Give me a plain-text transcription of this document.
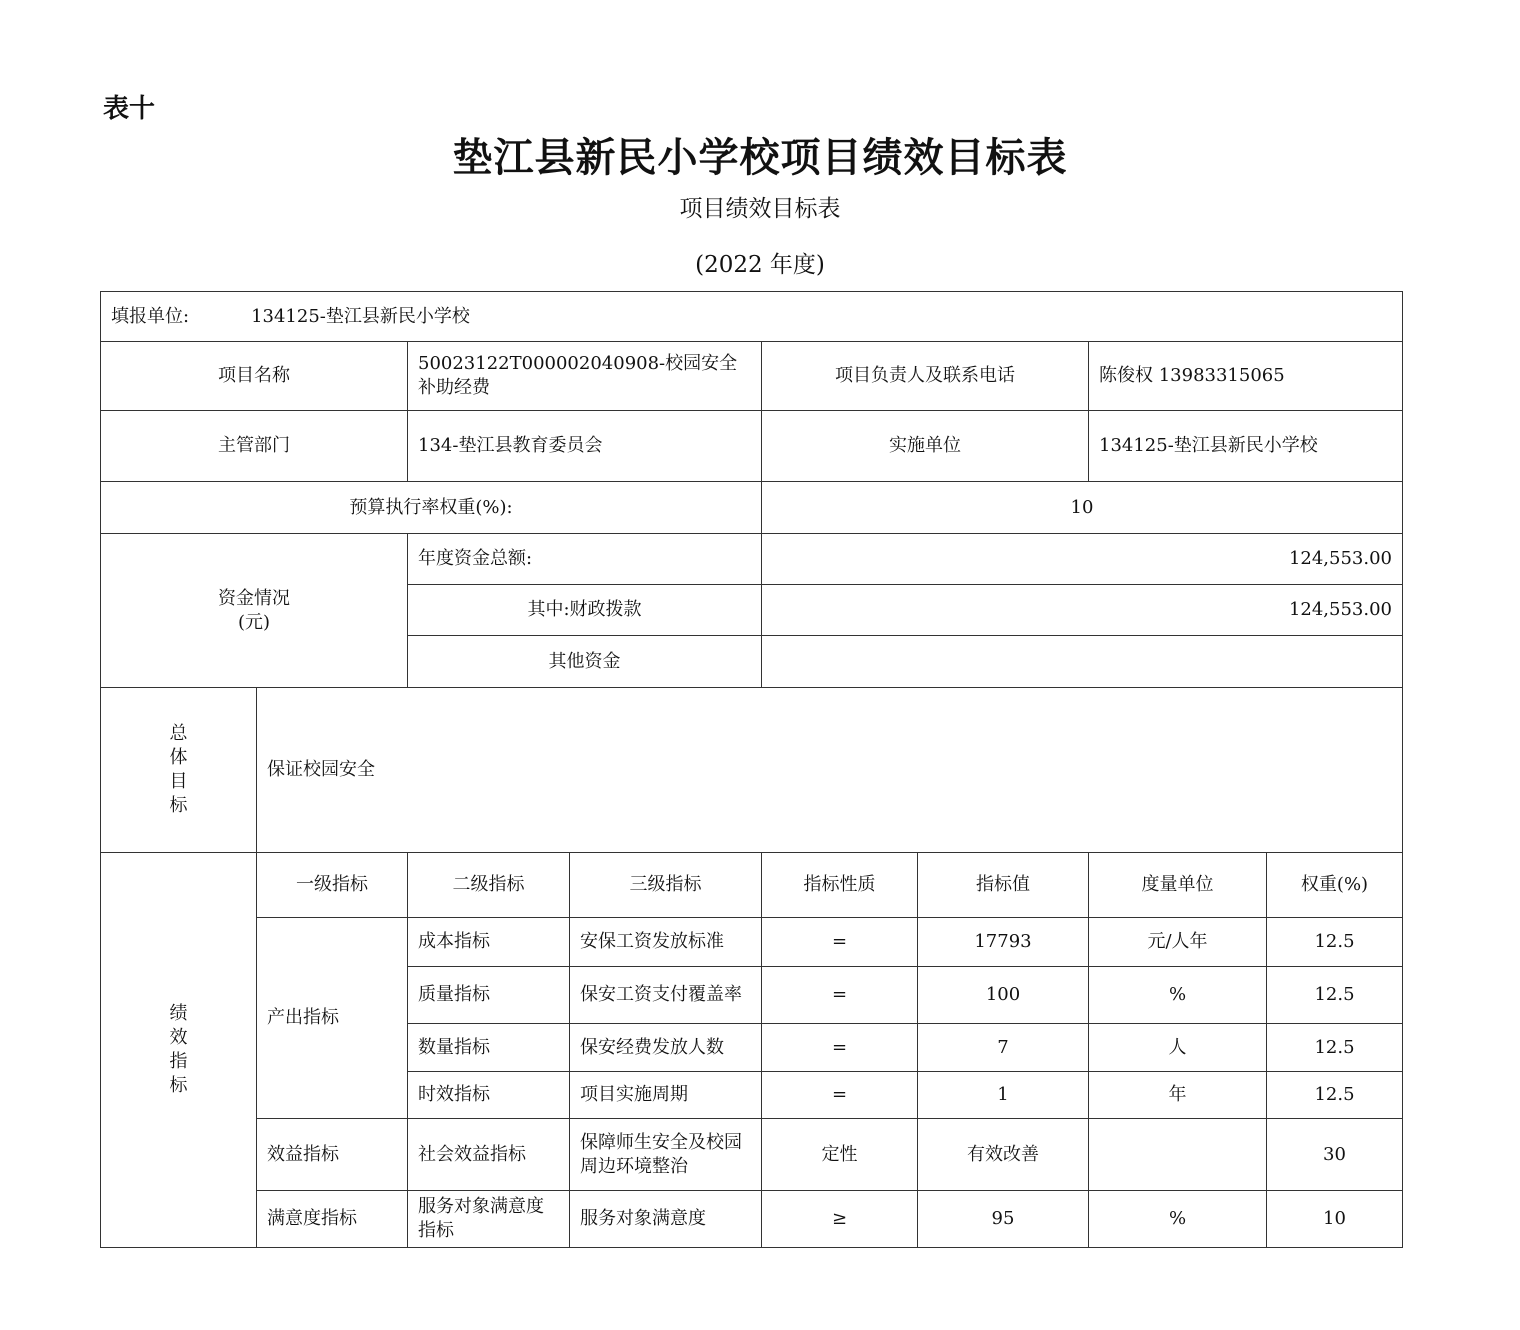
表十
垫江县新民小学校项目绩效目标表
项目绩效目标表
(2022 年度)
填报单位: 134125-垫江县新民小学校							
项目名称		50023122T000002040908-校园安全补助经费		项目负责人及联系电话		陈俊权 13983315065	
主管部门		134-垫江县教育委员会		实施单位		134125-垫江县新民小学校	
预算执行率权重(%):				10			

资金情况
(元)		年度资金总额:		124,553.00			
		其中:财政拨款		124,553.00			
		其他资金					

总
体
目
标	保证校园安全						

绩
效
指
标	一级指标	二级指标	三级指标	指标性质	指标值	度量单位	权重(%)
	产出指标	成本指标	安保工资发放标准	=	17793	元/人年	12.5
		质量指标	保安工资支付覆盖率	=	100	%	12.5
		数量指标	保安经费发放人数	=	7	人	12.5
		时效指标	项目实施周期	=	1	年	12.5
	效益指标	社会效益指标	保障师生安全及校园周边环境整治	定性	有效改善		30
	满意度指标	服务对象满意度指标	服务对象满意度	≥	95	%	10
